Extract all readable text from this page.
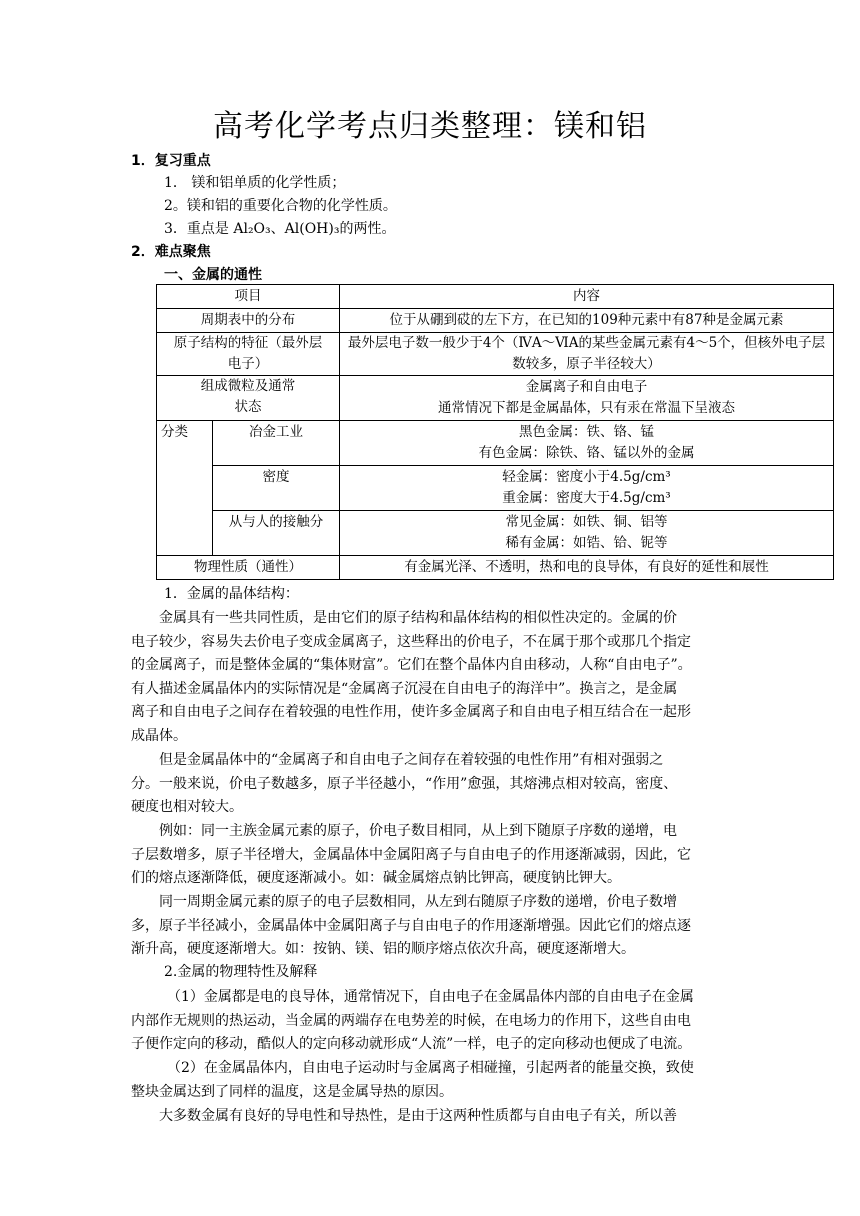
高考化学考点归类整理：镁和铝
1．复习重点
1． 镁和铝单质的化学性质；
2。镁和铝的重要化合物的化学性质。
3．重点是 Al₂O₃、Al(OH)₃的两性。
2．难点聚焦
一、金属的通性
项目		内容
周期表中的分布		位于从硼到砹的左下方，在已知的109种元素中有87种是金属元素
原子结构的特征（最外层电子）		最外层电子数一般少于4个（ⅣA～ⅥA的某些金属元素有4～5个，但核外电子层数较多，原子半径较大）
组成微粒及通常状态		金属离子和自由电子
通常情况下都是金属晶体，只有汞在常温下呈液态

分类	冶金工业	黑色金属：铁、铬、锰
有色金属：除铁、铬、锰以外的金属

	密度	轻金属：密度小于4.5g/cm³
重金属：密度大于4.5g/cm³

	从与人的接触分	常见金属：如铁、铜、铝等
稀有金属：如锆、铪、铌等

物理性质（通性）		有金属光泽、不透明，热和电的良导体，有良好的延性和展性
1．金属的晶体结构：
金属具有一些共同性质，是由它们的原子结构和晶体结构的相似性决定的。金属的价
电子较少，容易失去价电子变成金属离子，这些释出的价电子，不在属于那个或那几个指定
的金属离子，而是整体金属的“集体财富”。它们在整个晶体内自由移动，人称“自由电子”。
有人描述金属晶体内的实际情况是“金属离子沉浸在自由电子的海洋中”。换言之，是金属
离子和自由电子之间存在着较强的电性作用，使许多金属离子和自由电子相互结合在一起形
成晶体。
但是金属晶体中的“金属离子和自由电子之间存在着较强的电性作用”有相对强弱之
分。一般来说，价电子数越多，原子半径越小，“作用”愈强，其熔沸点相对较高，密度、
硬度也相对较大。
例如：同一主族金属元素的原子，价电子数目相同，从上到下随原子序数的递增，电
子层数增多，原子半径增大，金属晶体中金属阳离子与自由电子的作用逐渐减弱，因此，它
们的熔点逐渐降低，硬度逐渐减小。如：碱金属熔点钠比钾高，硬度钠比钾大。
同一周期金属元素的原子的电子层数相同，从左到右随原子序数的递增，价电子数增
多，原子半径减小，金属晶体中金属阳离子与自由电子的作用逐渐增强。因此它们的熔点逐
渐升高，硬度逐渐增大。如：按钠、镁、铝的顺序熔点依次升高，硬度逐渐增大。
2.金属的物理特性及解释
（1）金属都是电的良导体，通常情况下，自由电子在金属晶体内部的自由电子在金属
内部作无规则的热运动，当金属的两端存在电势差的时候，在电场力的作用下，这些自由电
子便作定向的移动，酷似人的定向移动就形成“人流”一样，电子的定向移动也便成了电流。
（2）在金属晶体内，自由电子运动时与金属离子相碰撞，引起两者的能量交换，致使
整块金属达到了同样的温度，这是金属导热的原因。
大多数金属有良好的导电性和导热性，是由于这两种性质都与自由电子有关，所以善
